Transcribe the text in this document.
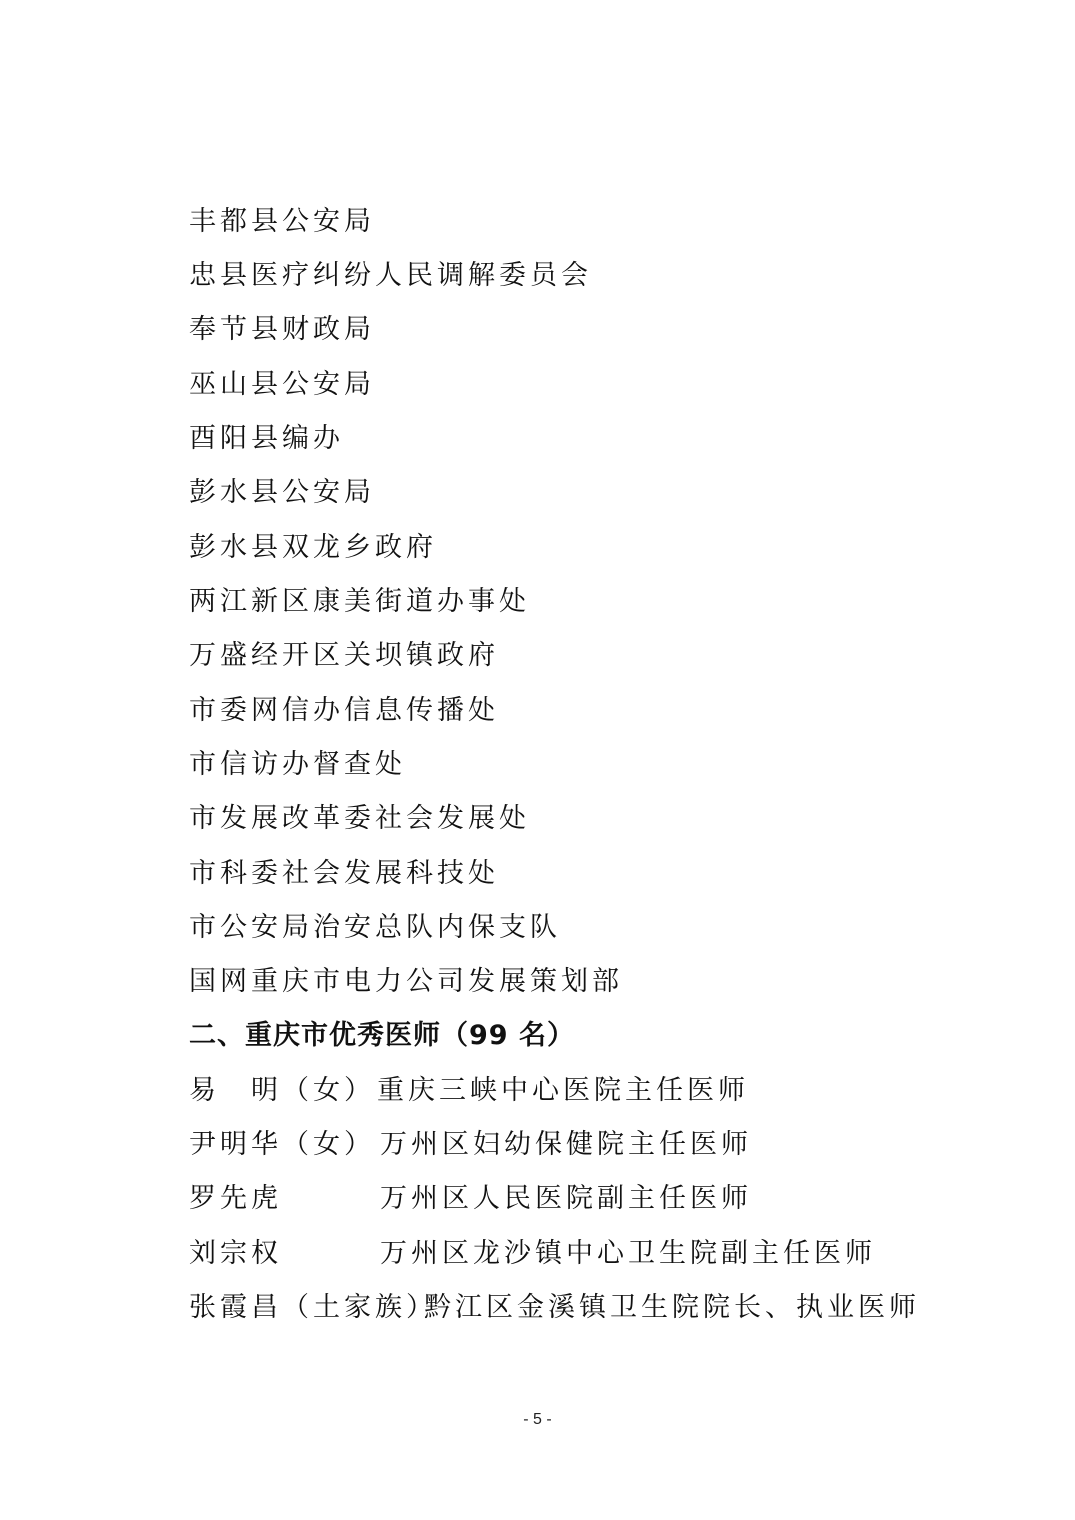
丰都县公安局
忠县医疗纠纷人民调解委员会
奉节县财政局
巫山县公安局
酉阳县编办
彭水县公安局
彭水县双龙乡政府
两江新区康美街道办事处
万盛经开区关坝镇政府
市委网信办信息传播处
市信访办督查处
市发展改革委社会发展处
市科委社会发展科技处
市公安局治安总队内保支队
国网重庆市电力公司发展策划部
二、重庆市优秀医师（99 名）
易　明（女） 重庆三峡中心医院主任医师
尹明华（女） 万州区妇幼保健院主任医师
罗先虎	万州区人民医院副主任医师
刘宗权	万州区龙沙镇中心卫生院副主任医师
张霞昌（土家族）
黔江区金溪镇卫生院院长、执业医师
- 5 -
